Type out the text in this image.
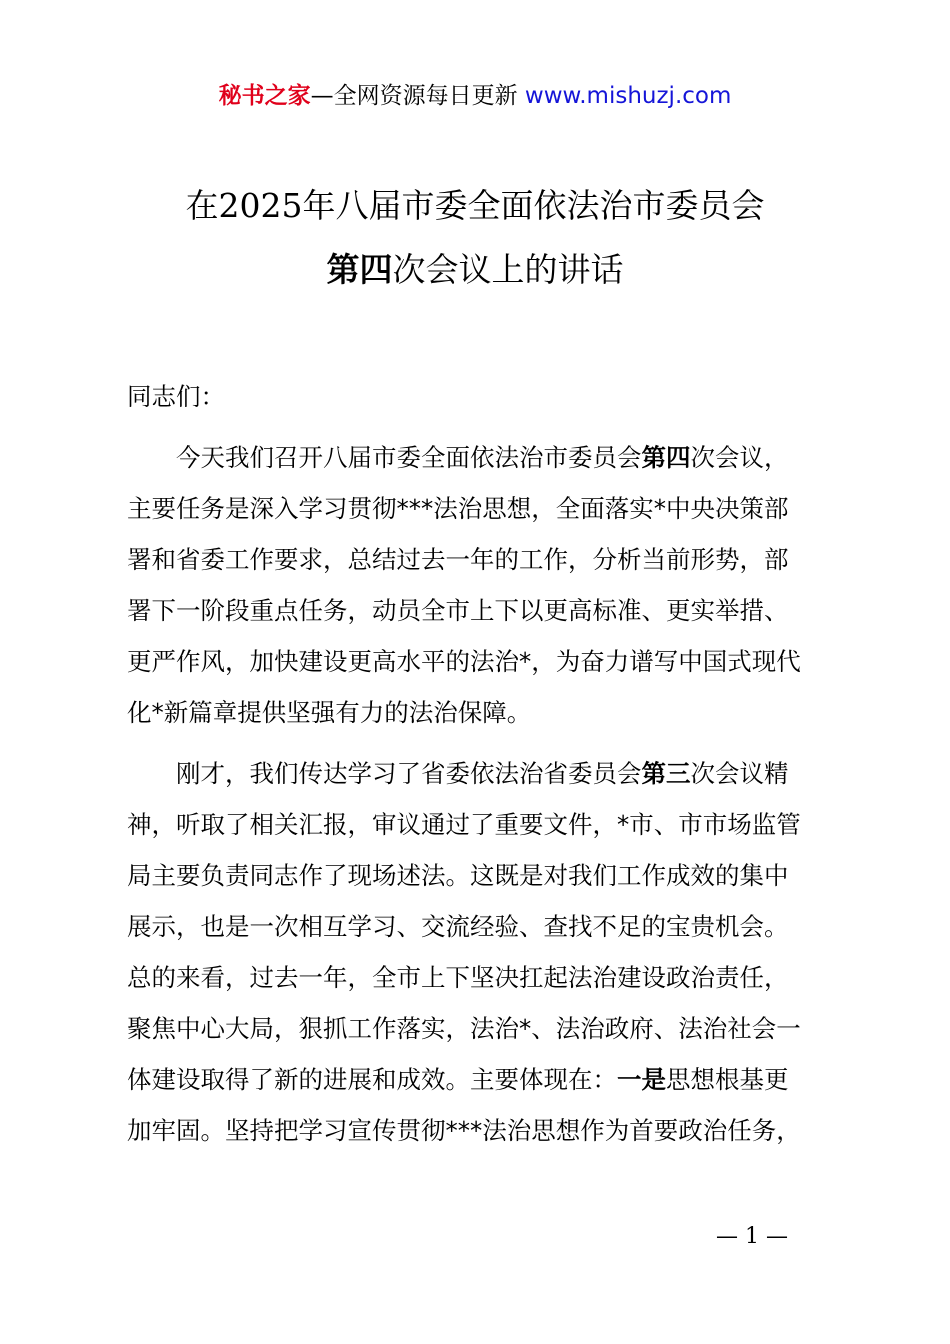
秘书之家—全网资源每日更新 www.mishuzj.com
在2025年八届市委全面依法治市委员会
第四次会议上的讲话
同志们：
　　今天我们召开八届市委全面依法治市委员会第四次会议，
主要任务是深入学习贯彻***法治思想，全面落实*中央决策部
署和省委工作要求，总结过去一年的工作，分析当前形势，部
署下一阶段重点任务，动员全市上下以更高标准、更实举措、
更严作风，加快建设更高水平的法治*，为奋力谱写中国式现代
化*新篇章提供坚强有力的法治保障。
　　刚才，我们传达学习了省委依法治省委员会第三次会议精
神，听取了相关汇报，审议通过了重要文件，*市、市市场监管
局主要负责同志作了现场述法。这既是对我们工作成效的集中
展示，也是一次相互学习、交流经验、查找不足的宝贵机会。
总的来看，过去一年，全市上下坚决扛起法治建设政治责任，
聚焦中心大局，狠抓工作落实，法治*、法治政府、法治社会一
体建设取得了新的进展和成效。主要体现在：一是思想根基更
加牢固。坚持把学习宣传贯彻***法治思想作为首要政治任务，
— 1 —
